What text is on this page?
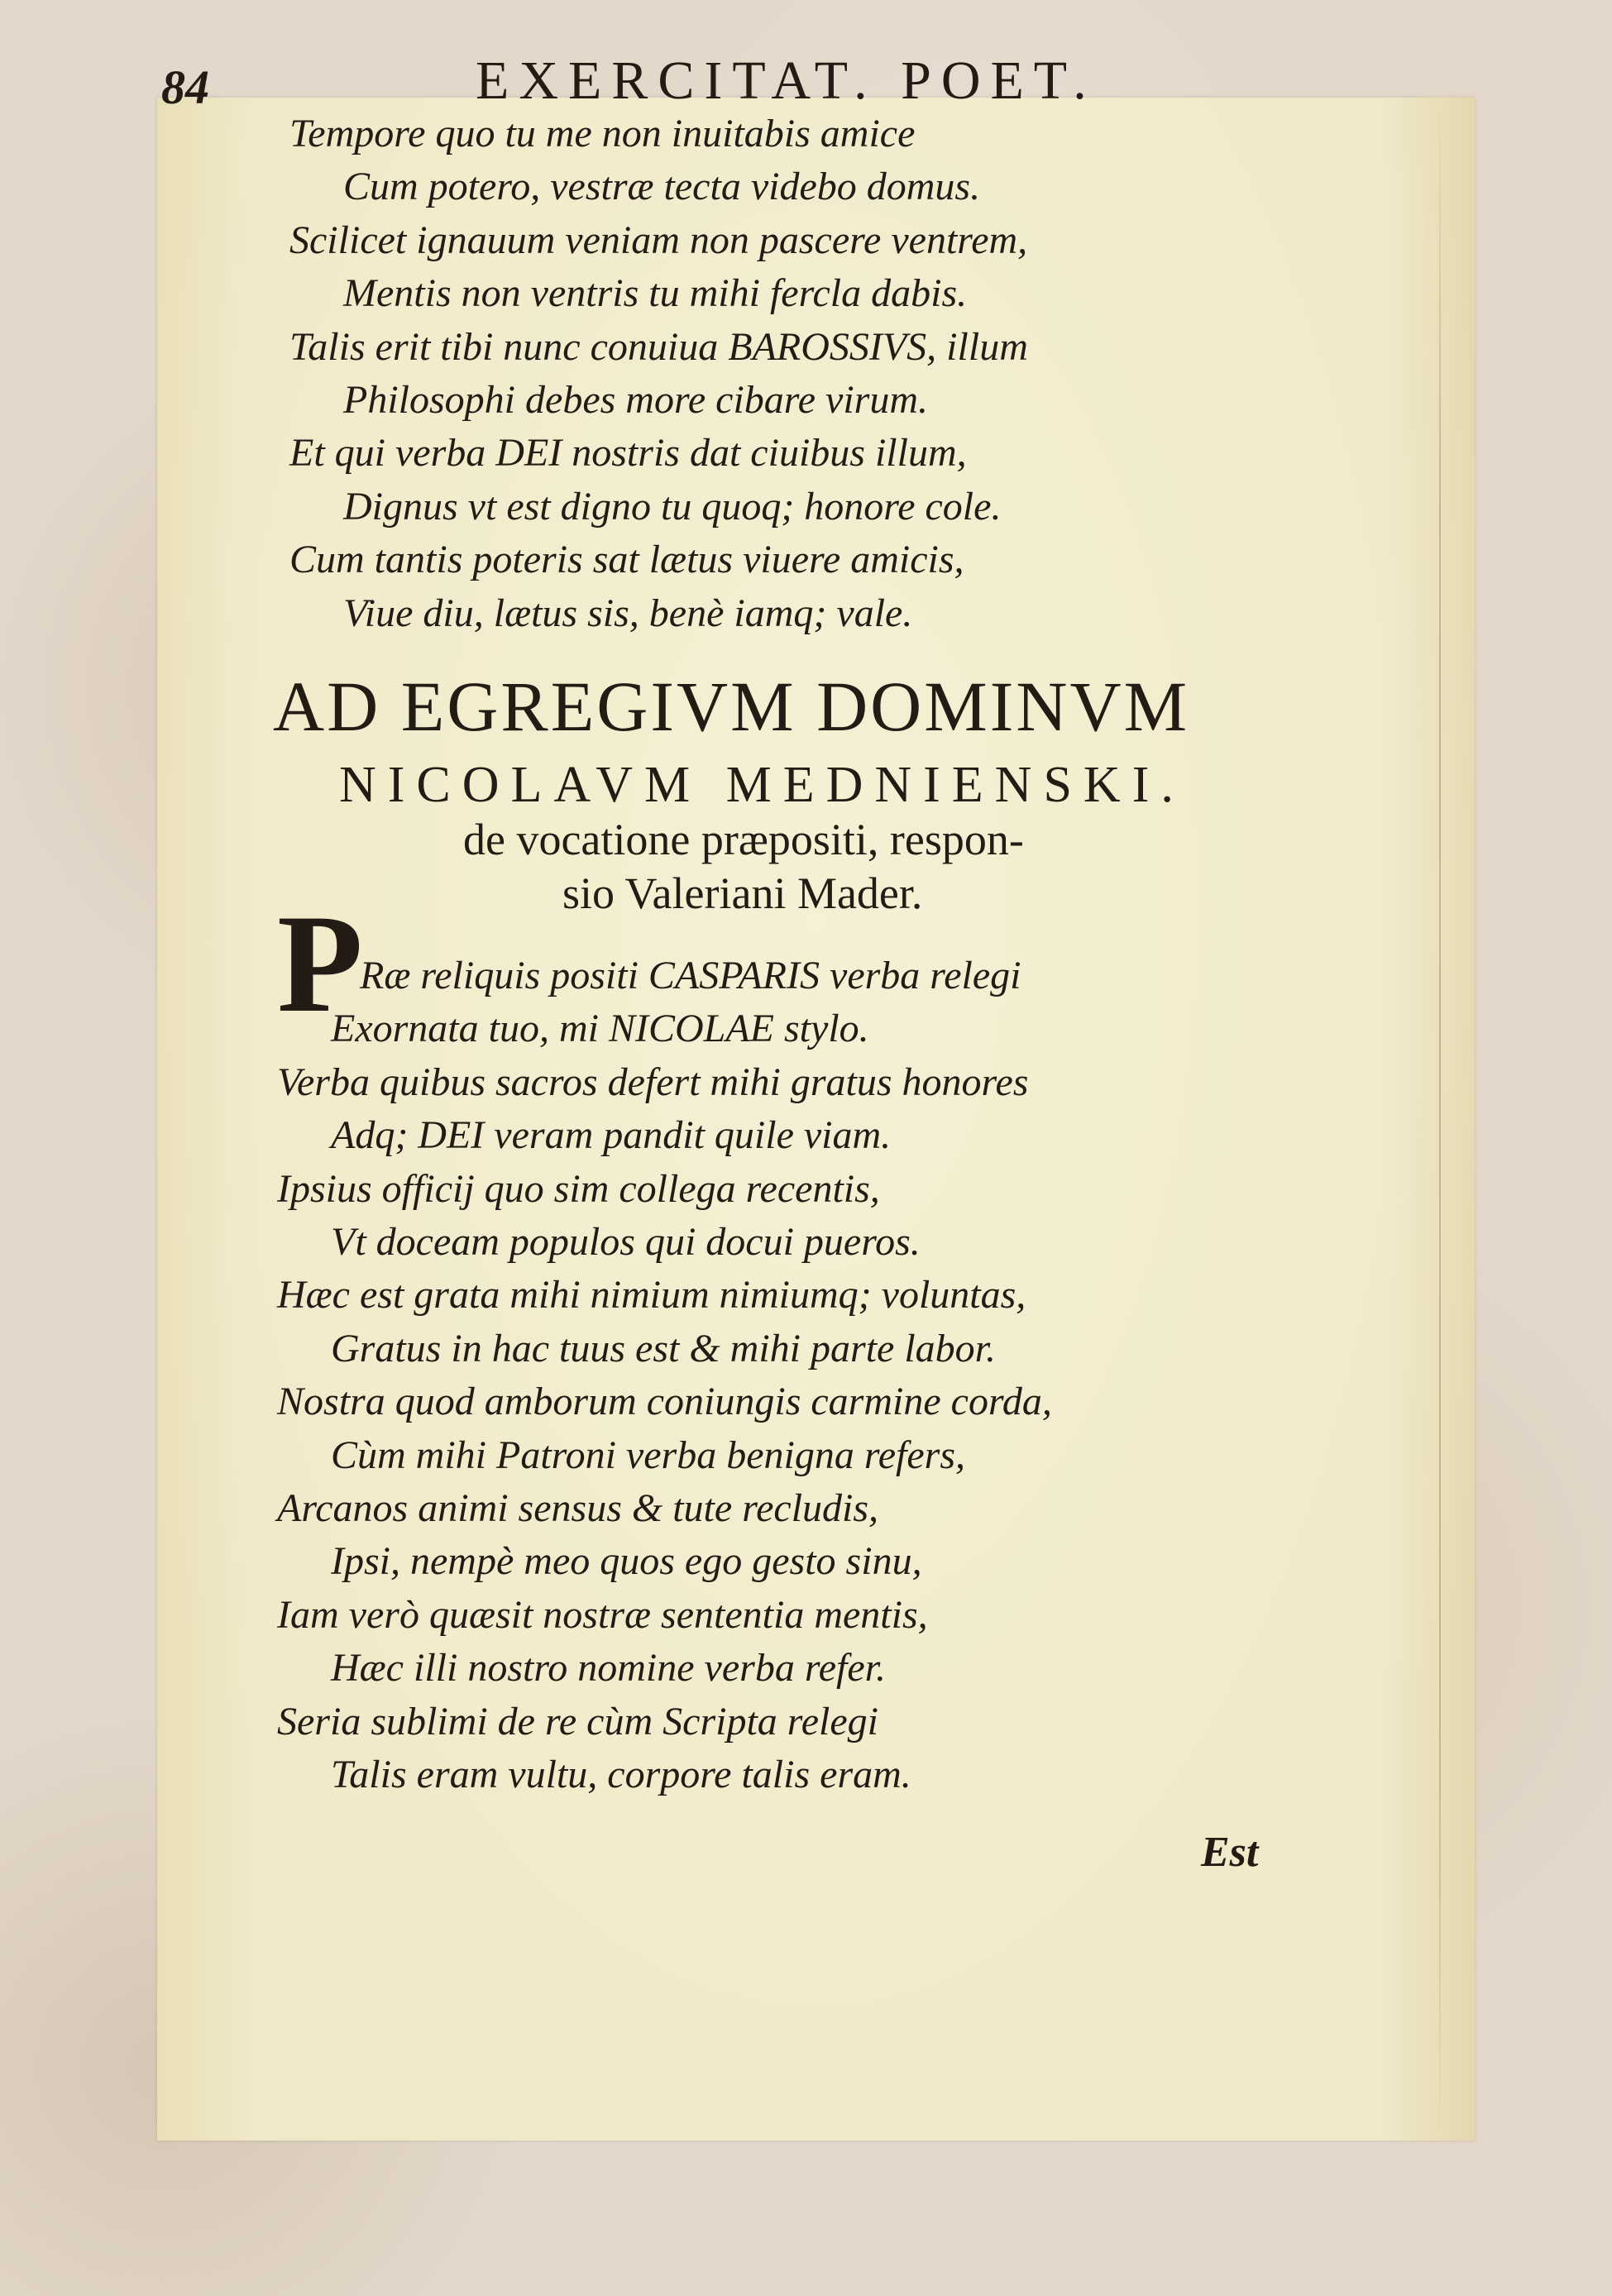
84	EXERCITAT. POET.
Tempore quo tu me non inuitabis amice
Cum potero, vestræ tecta videbo domus.
Scilicet ignauum veniam non pascere ventrem,
Mentis non ventris tu mihi fercla dabis.
Talis erit tibi nunc conuiua BAROSSIVS, illum
Philosophi debes more cibare virum.
Et qui verba DEI nostris dat ciuibus illum,
Dignus vt est digno tu quoq; honore cole.
Cum tantis poteris sat lætus viuere amicis,
Viue diu, lætus sis, benè iamq; vale.
AD EGREGIVM DOMINVM
NICOLAVM MEDNIENSKI.
de vocatione præpositi, respon-
sio Valeriani Mader.
P
Ræ reliquis positi CASPARIS verba relegi
Exornata tuo, mi NICOLAE stylo.
Verba quibus sacros defert mihi gratus honores
Adq; DEI veram pandit quile viam.
Ipsius officij quo sim collega recentis,
Vt doceam populos qui docui pueros.
Hæc est grata mihi nimium nimiumq; voluntas,
Gratus in hac tuus est & mihi parte labor.
Nostra quod amborum coniungis carmine corda,
Cùm mihi Patroni verba benigna refers,
Arcanos animi sensus & tute recludis,
Ipsi, nempè meo quos ego gesto sinu,
Iam verò quæsit nostræ sententia mentis,
Hæc illi nostro nomine verba refer.
Seria sublimi de re cùm Scripta relegi
Talis eram vultu, corpore talis eram.
Est
